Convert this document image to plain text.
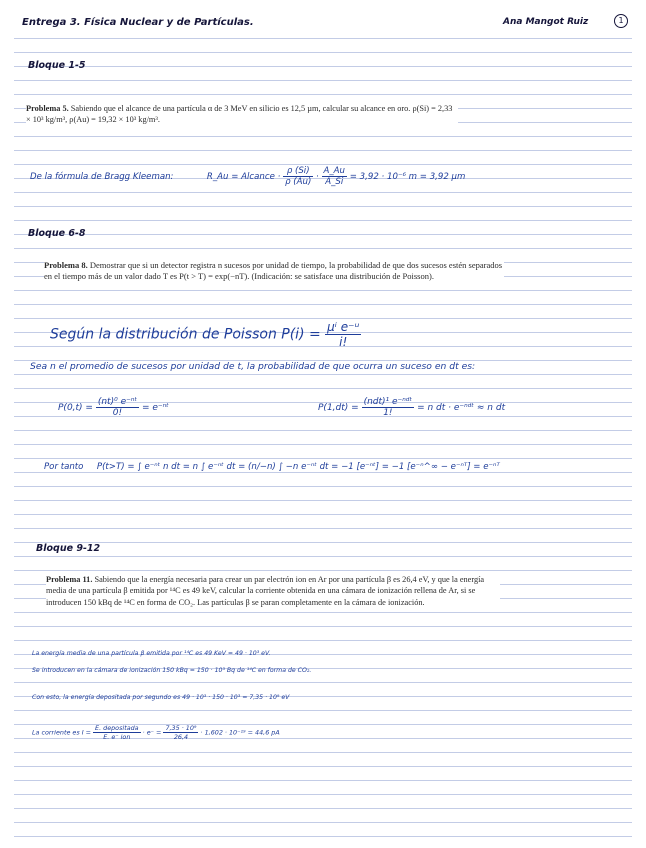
Entrega 3. Física Nuclear y de Partículas.	Ana Mangot Ruiz	1
Bloque 1-5
Problema 5. Sabiendo que el alcance de una partícula α de 3 MeV en silicio es 12,5 µm, calcular su alcance en oro. ρ(Si) = 2,33 × 10³ kg/m³, ρ(Au) = 19,32 × 10³ kg/m³.
De la fórmula de Bragg Kleeman:	R_Au = Alcance · $\frac{\rho (Si)}{\rho (Au)} \cdot \frac{A\_Au}{A\_Si} = 3,92 \cdot 10^{-6}$ m = 3,92 µm
Bloque 6-8
Problema 8. Demostrar que si un detector registra n sucesos por unidad de tiempo, la probabilidad de que dos sucesos estén separados en el tiempo más de un valor dado T es P(t > T) = exp(−nT). (Indicación: se satisface una distribución de Poisson).
Según la distribución de Poisson $P(i) = \frac{\text{µⁱ e⁻ᵘ}}{i!}$
Sea n el promedio de sucesos por unidad de t, la probabilidad de que ocurra un suceso en dt es:
$P(0,t) = \frac{\text{(nt)⁰ e⁻ⁿᵗ}}{0!}$ = e⁻ⁿᵗ	$P(1,dt) = \frac{\text{(ndt)¹ e⁻ⁿᵈᵗ}}{1!} = n$ dt · e⁻ⁿᵈᵗ ≈ n dt
Por tanto P(t>T) = ∫ e⁻ⁿᵗ n dt = n ∫ e⁻ⁿᵗ dt = (n/−n) ∫ −n e⁻ⁿᵗ dt = −1 [e⁻ⁿᵗ] = −1 [e⁻ⁿ^∞ − e⁻ⁿᵀ] = e⁻ⁿᵀ
Bloque 9-12
Problema 11. Sabiendo que la energía necesaria para crear un par electrón ion en Ar por una partícula β es 26,4 eV, y que la energía media de una partícula β emitida por ¹⁴C es 49 keV, calcular la corriente obtenida en una cámara de ionización rellena de Ar, si se introducen 150 kBq de ¹⁴C en forma de CO₂. Las partículas β se paran completamente en la cámara de ionización.
La energía media de una partícula β emitida por ¹⁴C es 49 KeV = 49 · 10³ eV.
Se introducen en la cámara de ionización 150 kBq = 150 · 10³ Bq de ¹⁴C en forma de CO₂.
Con esto, la energía depositada por segundo es 49 · 10³ · 150 · 10³ = 7,35 · 10⁹ eV
La corriente es $I = \frac{\text{E. depositada}}{\text{E. e⁻ ion}} \cdot e^- = \frac{\text{7,35 · 10⁹}}{26,4} \cdot 1,602 \cdot 10^{-19} = 44,6$ pA
